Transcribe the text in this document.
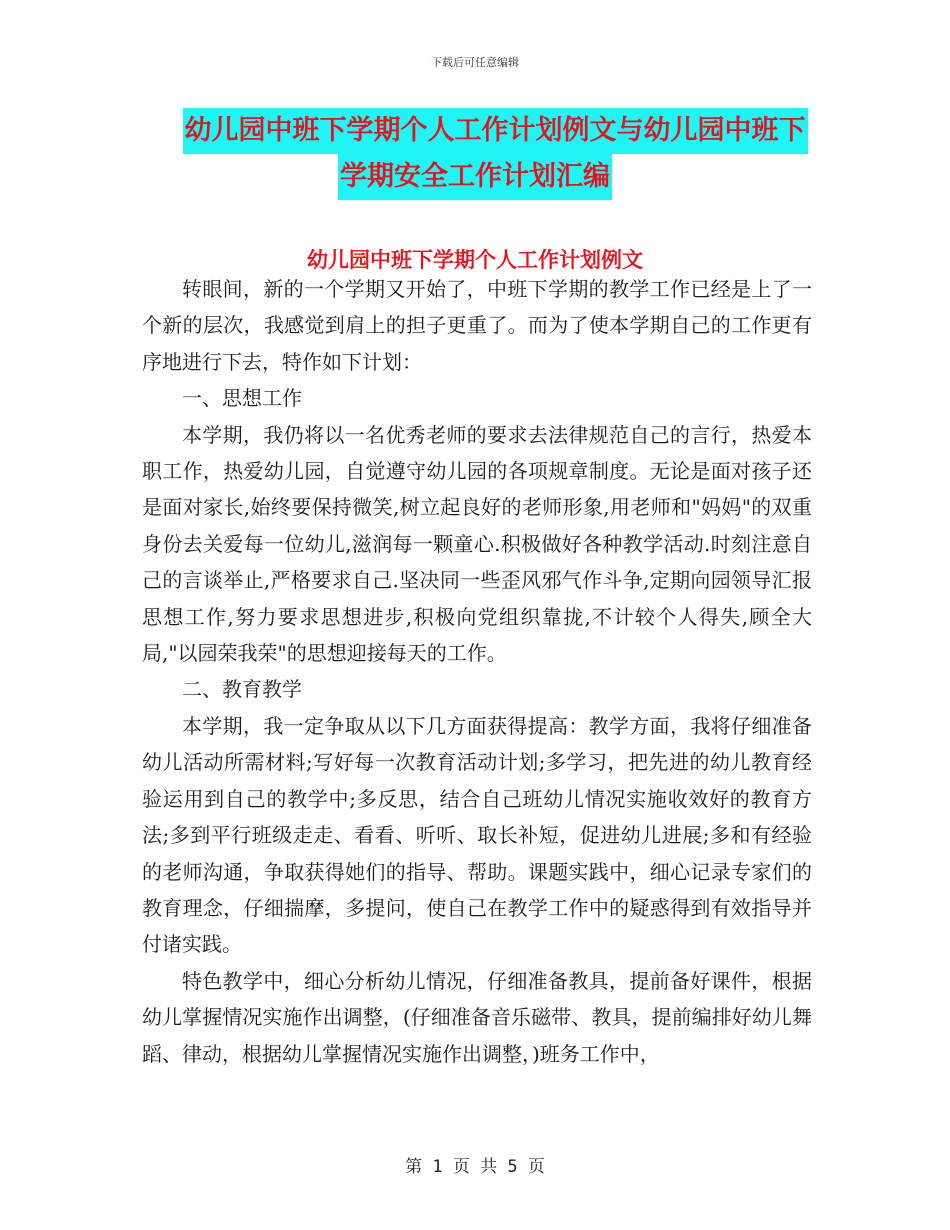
下载后可任意编辑
幼儿园中班下学期个人工作计划例文与幼儿园中班下
学期安全工作计划汇编
幼儿园中班下学期个人工作计划例文

转眼间，新的一个学期又开始了，中班下学期的教学工作已经是上了一个新的层次，我感觉到肩上的担子更重了。而为了使本学期自己的工作更有序地进行下去，特作如下计划：

一、思想工作

本学期，我仍将以一名优秀老师的要求去法律规范自己的言行，热爱本职工作，热爱幼儿园，自觉遵守幼儿园的各项规章制度。无论是面对孩子还是面对家长,始终要保持微笑,树立起良好的老师形象,用老师和"妈妈"的双重身份去关爱每一位幼儿,滋润每一颗童心.积极做好各种教学活动.时刻注意自己的言谈举止,严格要求自己.坚决同一些歪风邪气作斗争,定期向园领导汇报思想工作,努力要求思想进步,积极向党组织靠拢,不计较个人得失,顾全大局,"以园荣我荣"的思想迎接每天的工作。

二、教育教学

本学期，我一定争取从以下几方面获得提高：教学方面，我将仔细准备幼儿活动所需材料;写好每一次教育活动计划;多学习，把先进的幼儿教育经验运用到自己的教学中;多反思，结合自己班幼儿情况实施收效好的教育方法;多到平行班级走走、看看、听听、取长补短，促进幼儿进展;多和有经验的老师沟通，争取获得她们的指导、帮助。课题实践中，细心记录专家们的教育理念，仔细揣摩，多提问，使自己在教学工作中的疑惑得到有效指导并付诸实践。

特色教学中，细心分析幼儿情况，仔细准备教具，提前备好课件，根据幼儿掌握情况实施作出调整，(仔细准备音乐磁带、教具，提前编排好幼儿舞蹈、律动，根据幼儿掌握情况实施作出调整，)班务工作中，

第 1 页 共 5 页
